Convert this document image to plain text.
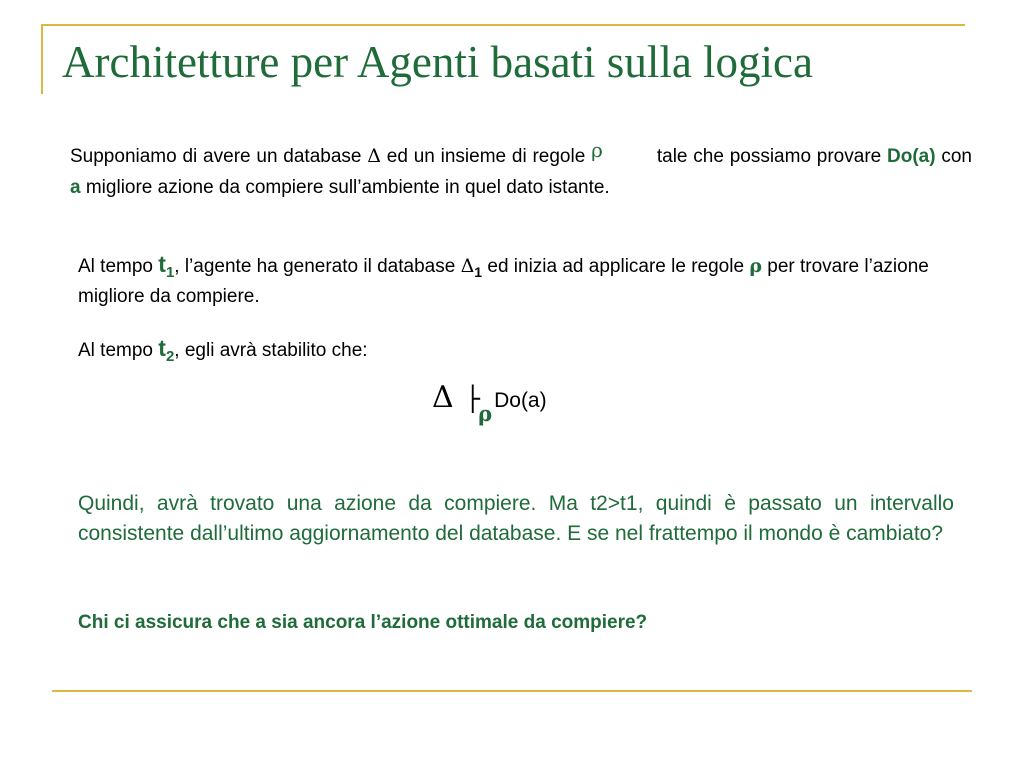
Architetture per Agenti basati sulla logica
Supponiamo di avere un database Δ ed un insieme di regole ρ	tale che possiamo provare Do(a) con a migliore azione da compiere sull’ambiente in quel dato istante.
Al tempo $t_1$, l’agente ha generato il database $\Delta_1$ ed inizia ad applicare le regole ρ per trovare l’azione migliore da compiere.
Al tempo $t_2$, egli avrà stabilito che:
Δ ├ρDo(a)
Quindi, avrà trovato una azione da compiere. Ma t2>t1, quindi è passato un intervallo consistente dall’ultimo aggiornamento del database. E se nel frattempo il mondo è cambiato?
Chi ci assicura che a sia ancora l’azione ottimale da compiere?
